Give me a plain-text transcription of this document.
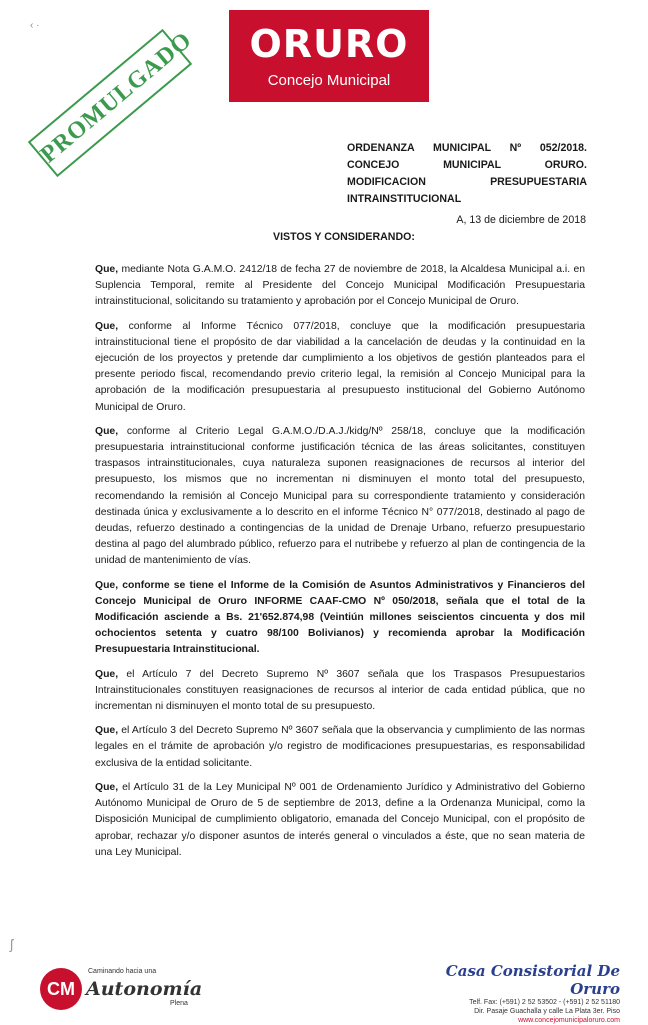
‹ ·
PROMULGADO	ORURO
Concejo Municipal
ORDENANZA MUNICIPAL Nº 052/2018. CONCEJO MUNICIPAL ORURO. MODIFICACION PRESUPUESTARIA INTRAINSTITUCIONAL
A, 13 de diciembre de 2018
VISTOS Y CONSIDERANDO:

Que, mediante Nota G.A.M.O. 2412/18 de fecha 27 de noviembre de 2018, la Alcaldesa Municipal a.i. en Suplencia Temporal, remite al Presidente del Concejo Municipal Modificación Presupuestaria intrainstitucional, solicitando su tratamiento y aprobación por el Concejo Municipal de Oruro.

Que, conforme al Informe Técnico 077/2018, concluye que la modificación presupuestaria intrainstitucional tiene el propósito de dar viabilidad a la cancelación de deudas y la continuidad en la ejecución de los proyectos y pretende dar cumplimiento a los objetivos de gestión planteados para el presente periodo fiscal, recomendando previo criterio legal, la remisión al Concejo Municipal para la aprobación de la modificación presupuestaria al presupuesto institucional del Gobierno Autónomo Municipal de Oruro.

Que, conforme al Criterio Legal G.A.M.O./D.A.J./kidg/Nº 258/18, concluye que la modificación presupuestaria intrainstitucional conforme justificación técnica de las áreas solicitantes, constituyen traspasos intrainstitucionales, cuya naturaleza suponen reasignaciones de recursos al interior del presupuesto, los mismos que no incrementan ni disminuyen el monto total del presupuesto, recomendando la remisión al Concejo Municipal para su correspondiente tratamiento y consideración destinada única y exclusivamente a lo descrito en el informe Técnico N° 077/2018, destinado al pago de deudas, refuerzo destinado a contingencias de la unidad de Drenaje Urbano, refuerzo presupuestario destina al pago del alumbrado público, refuerzo para el nutribebe y refuerzo al plan de contingencia de la unidad de mantenimiento de vías.

Que, conforme se tiene el Informe de la Comisión de Asuntos Administrativos y Financieros del Concejo Municipal de Oruro INFORME CAAF-CMO Nº 050/2018, señala que el total de la Modificación asciende a Bs. 21'652.874,98 (Veintiún millones seiscientos cincuenta y dos mil ochocientos setenta y cuatro 98/100 Bolivianos) y recomienda aprobar la Modificación Presupuestaria Intrainstitucional.

Que, el Artículo 7 del Decreto Supremo Nº 3607 señala que los Traspasos Presupuestarios Intrainstitucionales constituyen reasignaciones de recursos al interior de cada entidad pública, que no incrementan ni disminuyen el monto total de su presupuesto.

Que, el Artículo 3 del Decreto Supremo Nº 3607 señala que la observancia y cumplimiento de las normas legales en el trámite de aprobación y/o registro de modificaciones presupuestarias, es responsabilidad exclusiva de la entidad solicitante.

Que, el Artículo 31 de la Ley Municipal Nº 001 de Ordenamiento Jurídico y Administrativo del Gobierno Autónomo Municipal de Oruro de 5 de septiembre de 2013, define a la Ordenanza Municipal, como la Disposición Municipal de cumplimiento obligatorio, emanada del Concejo Municipal, con el propósito de aprobar, rechazar y/o disponer asuntos de interés general o vinculados a éste, que no sean materia de una Ley Municipal.

ʃ
CM
Caminando hacia una
Autonomía
Plena
Casa Consistorial De Oruro
Telf. Fax: (+591) 2 52 53502 - (+591) 2 52 51180
Dir. Pasaje Guachalla y calle La Plata 3er. Piso
www.concejomunicipaloruro.com
